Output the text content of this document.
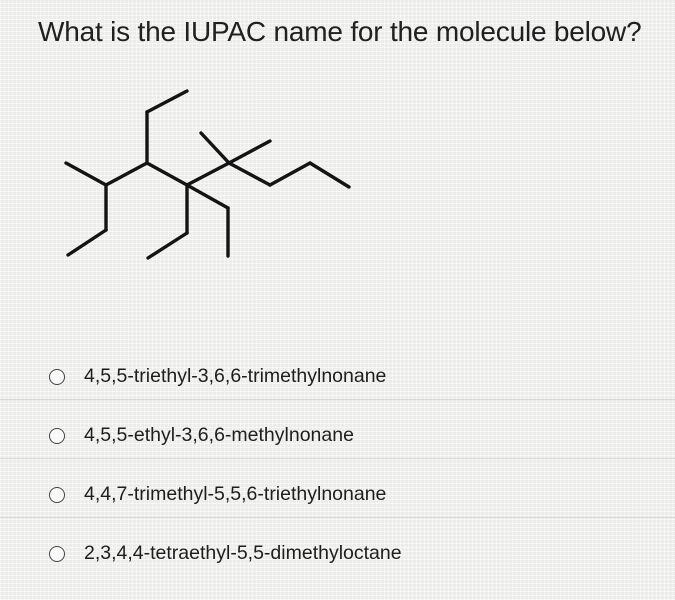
What is the IUPAC name for the molecule below?
4,5,5-triethyl-3,6,6-trimethylnonane
4,5,5-ethyl-3,6,6-methylnonane
4,4,7-trimethyl-5,5,6-triethylnonane
2,3,4,4-tetraethyl-5,5-dimethyloctane
